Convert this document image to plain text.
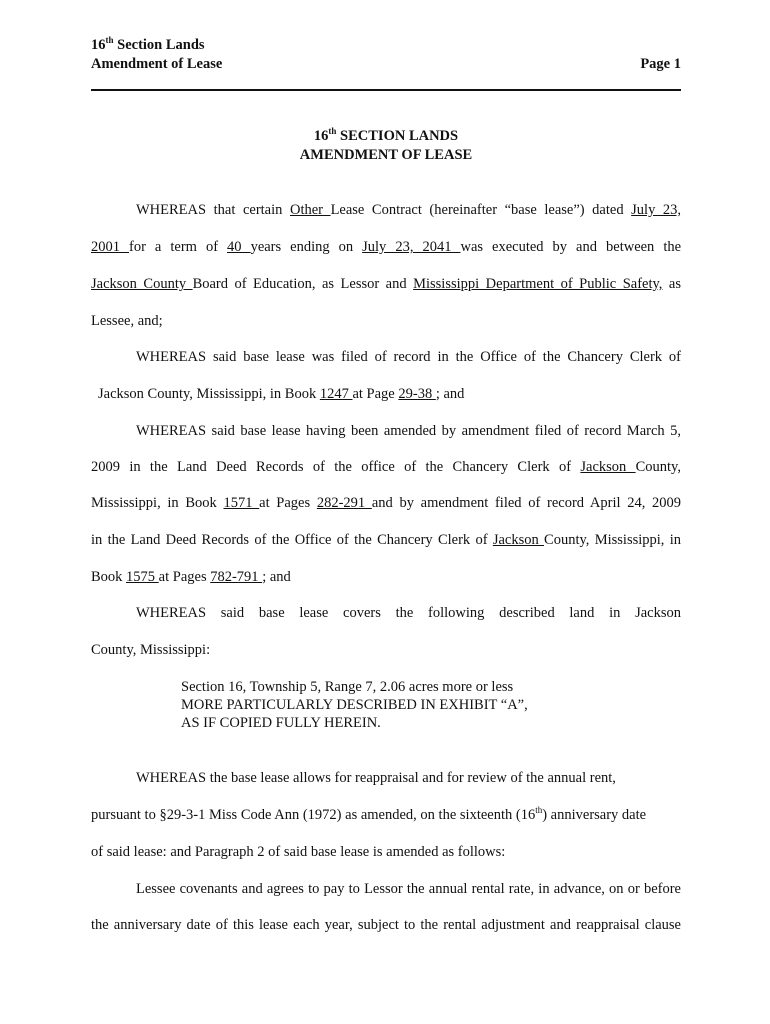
16th Section Lands
Amendment of Lease	Page 1
16th SECTION LANDS
AMENDMENT OF LEASE
WHEREAS that certain Other Lease Contract (hereinafter “base lease”) dated July 23,
2001 for a term of 40 years ending on July 23, 2041 was executed by and between the
Jackson County Board of Education, as Lessor and Mississippi Department of Public Safety, as
Lessee, and;
WHEREAS said base lease was filed of record in the Office of the Chancery Clerk of
Jackson County, Mississippi, in Book 1247 at Page 29-38 ; and
WHEREAS said base lease having been amended by amendment filed of record March 5,
2009 in the Land Deed Records of the office of the Chancery Clerk of Jackson County,
Mississippi, in Book 1571 at Pages 282-291 and by amendment filed of record April 24, 2009
in the Land Deed Records of the Office of the Chancery Clerk of Jackson County, Mississippi, in
Book 1575 at Pages 782-791 ; and
WHEREAS said base lease covers the following described land in Jackson
County, Mississippi:
Section 16, Township 5, Range 7, 2.06 acres more or less
MORE PARTICULARLY DESCRIBED IN EXHIBIT “A”,
AS IF COPIED FULLY HEREIN.
WHEREAS the base lease allows for reappraisal and for review of the annual rent,
pursuant to §29-3-1 Miss Code Ann (1972) as amended, on the sixteenth (16th) anniversary date
of said lease: and Paragraph 2 of said base lease is amended as follows:
Lessee covenants and agrees to pay to Lessor the annual rental rate, in advance, on or before
the anniversary date of this lease each year, subject to the rental adjustment and reappraisal clause
